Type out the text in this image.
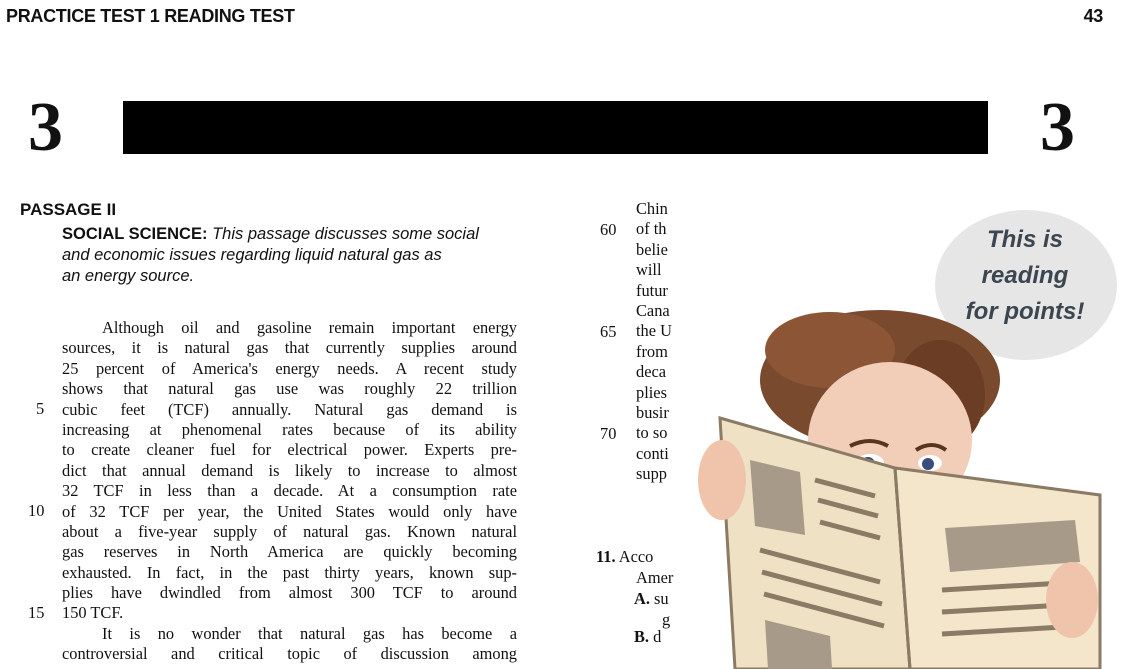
PRACTICE TEST 1 READING TEST	43
3	3
PASSAGE II
SOCIAL SCIENCE: This passage discusses some social
and economic issues regarding liquid natural gas as
an energy source.
Although oil and gasoline remain important energy
sources, it is natural gas that currently supplies around
25 percent of America's energy needs. A recent study
shows that natural gas use was roughly 22 trillion
cubic feet (TCF) annually. Natural gas demand is
increasing at phenomenal rates because of its ability
to create cleaner fuel for electrical power. Experts pre-
dict that annual demand is likely to increase to almost
32 TCF in less than a decade. At a consumption rate
of 32 TCF per year, the United States would only have
about a five-year supply of natural gas. Known natural
gas reserves in North America are quickly becoming
exhausted. In fact, in the past thirty years, known sup-
plies have dwindled from almost 300 TCF to around
150 TCF.
It is no wonder that natural gas has become a
controversial and critical topic of discussion among
5
10
15
Chin
of th
belie
will
futur
Cana
the U
from
deca
plies
busir
to so
conti
supp
60
65
70
11. Acco
Amer
A. su
g
B. d
This is
reading
for points!
